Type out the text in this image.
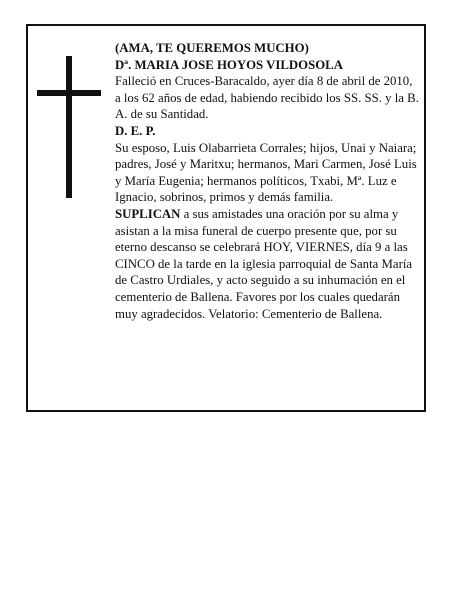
(AMA, TE QUEREMOS MUCHO)

Dª. MARIA JOSE HOYOS VILDOSOLA

Falleció en Cruces-Baracaldo, ayer día 8 de abril de 2010, a los 62 años de edad, habiendo recibido los SS. SS. y la B. A. de su Santidad.

D. E. P.

Su esposo, Luis Olabarrieta Corrales; hijos, Unai y Naiara; padres, José y Maritxu; hermanos, Mari Carmen, José Luis y María Eugenia; hermanos políticos, Txabi, Mª. Luz e Ignacio, sobrinos, primos y demás familia.

SUPLICAN a sus amistades una oración por su alma y asistan a la misa funeral de cuerpo presente que, por su eterno descanso se celebrará HOY, VIERNES, día 9 a las CINCO de la tarde en la iglesia parroquial de Santa María de Castro Urdiales, y acto seguido a su inhumación en el cementerio de Ballena. Favores por los cuales quedarán muy agradecidos. Velatorio: Cementerio de Ballena.
